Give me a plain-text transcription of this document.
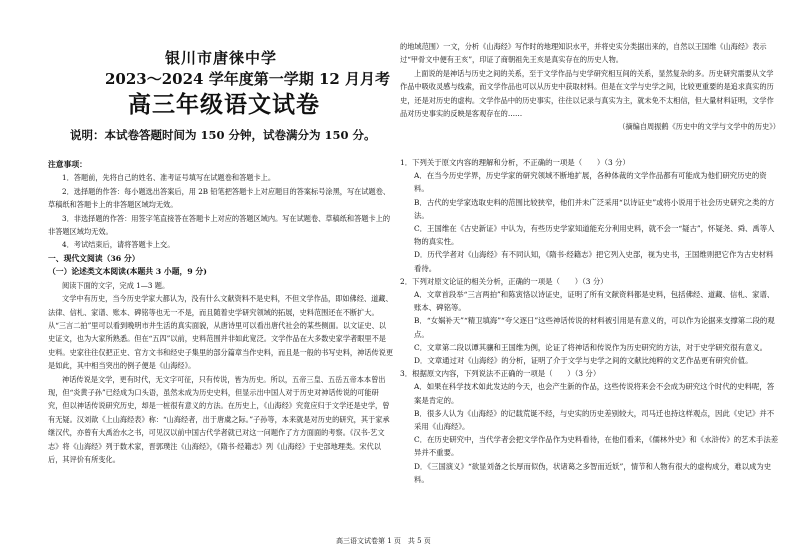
银川市唐徕中学
2023～2024 学年度第一学期 12 月月考
高三年级语文试卷
说明：本试卷答题时间为 150 分钟，试卷满分为 150 分。

注意事项：

1．答题前，先将自己的姓名、准考证号填写在试题卷和答题卡上。

2．选择题的作答：每小题选出答案后，用 2B 铅笔把答题卡上对应题目的答案标号涂黑，写在试题卷、草稿纸和答题卡上的非答题区域均无效。

3．非选择题的作答：用签字笔直接答在答题卡上对应的答题区域内。写在试题卷、草稿纸和答题卡上的非答题区域均无效。

4．考试结束后，请将答题卡上交。

一、现代文阅读（36 分）

（一）论述类文本阅读(本题共 3 小题，9 分)

阅读下面的文字，完成 1—3 题。

文学中有历史，当今历史学家大都认为，没有什么文献资料不是史料，不但文学作品，即如佛经、道藏、法律、信札、家谱、账本、碑铭等也无一不是，而且随着史学研究领域的拓展，史料范围还在不断扩大。从“三言二拍”里可以看到晚明市井生活的真实面貌，从唐诗里可以看出唐代社会的某些侧面。以文证史、以史证文，也为大家所熟悉。但在“五四”以前，史料范围并非如此宽泛。文学作品在大多数史家学者眼里不是史料。史家往往仅把正史、官方文书和经史子集里的部分篇章当作史料，而且是一般的书写史料，神话传说更是如此，其中相当突出的例子便是《山海经》。

神话传说是文学，更有时代，无文字可征，只有传说，皆为历史。所以，五帝三皇、五岳五帝本本曾出现，但“炎黄子孙”已经成为口头语，虽然未成为历史史料，但显示出中国人对于历史对神话传说的可能研究，但以神话传说研究历史，却是一桩很有意义的方法。在历史上，《山海经》究竟应归于文学还是史学，曾有无疑。汉刘歆《上山海经表》称：“山海经者，出于唐虞之际。”子孙等，本来就是对历史的研究，其于家承继汉代，亦曾有大禹治水之书，可见汉以前中国古代学者就已对这一问题作了方方面面的考察。《汉书·艺文志》将《山海经》列于数术家，晋郭璞注《山海经》，《隋书·经籍志》列《山海经》于史部地理类。宋代以后，其评价有所变化。

的地域范围）一文，分析《山海经》写作时的地理知识水平，并将史实分类据出来的，自然以王国维《山海经》表示过“甲骨文中便有王亥”，印证了商朝祖先王亥是真实存在的历史人物。

上面说的是神话与历史之间的关系，至于文学作品与史学研究相互间的关系，显然复杂的多。历史研究需要从文学作品中吸收灵感与线索，而文学作品也可以从历史中获取材料。但是在文学与史学之间，比较更重要的是追求真实的历史，还是对历史的虚构。文学作品中的历史事实，往往以记录与真实为主，就未免不太相信，但大量材料证明，文学作品对历史事实的反映是客观存在的……

（摘编自周振鹤《历史中的文学与文学中的历史》）

1．下列关于原文内容的理解和分析，不正确的一项是（　　）（3 分）

A．在当今历史学界，历史学家的研究领域不断地扩展，各种体裁的文学作品都有可能成为他们研究历史的资料。

B．古代的史学家选取史料的范围比较狭窄，他们并未广泛采用“以诗证史”或将小说用于社会历史研究之类的方法。

C．王国维在《古史新证》中认为，有些历史学家知道能充分利用史料，就不会一“疑古”，怀疑尧、舜、禹等人物的真实性。

D．历代学者对《山海经》有不同认知，《隋书·经籍志》把它列入史部，视为史书，王国维则把它作为古史材料看待。

2．下列对原文论证的相关分析，正确的一项是（　　）（3 分）

A．文章首段举“三言两拍”和陈寅恪以诗证史，证明了所有文献资料都是史料，包括佛经、道藏、信札、家谱、账本、碑铭等。

B．“女娲补天”“精卫填海”“夸父逐日”这些神话传说的材料被引用是有意义的，可以作为论据来支撑第二段的观点。

C．文章第二段以谭其骧和王国维为例，论证了将神话和传说作为历史研究的方法，对于史学研究很有意义。

D．文章通过对《山海经》的分析，证明了介于文学与史学之间的文献比纯粹的文艺作品更有研究价值。

3．根据原文内容，下列说法不正确的一项是（　　）（3 分）

A．如果在科学技术如此发达的今天，也会产生新的作品，这些传说将来会不会成为研究这个时代的史料呢，答案是肯定的。

B．很多人认为《山海经》的记载荒诞不经，与史实的历史差别较大，司马迁也持这样观点，因此《史记》并不采用《山海经》。

C．在历史研究中，当代学者会把文学作品作为史料看待，在他们看来，《儒林外史》和《水浒传》的艺术手法差异并不重要。

D．《三国演义》“欲显刘备之长厚而似伪，状诸葛之多智而近妖”，情节和人物有很大的虚构成分，难以成为史料。

高三语文试卷第 1 页　共 5 页
